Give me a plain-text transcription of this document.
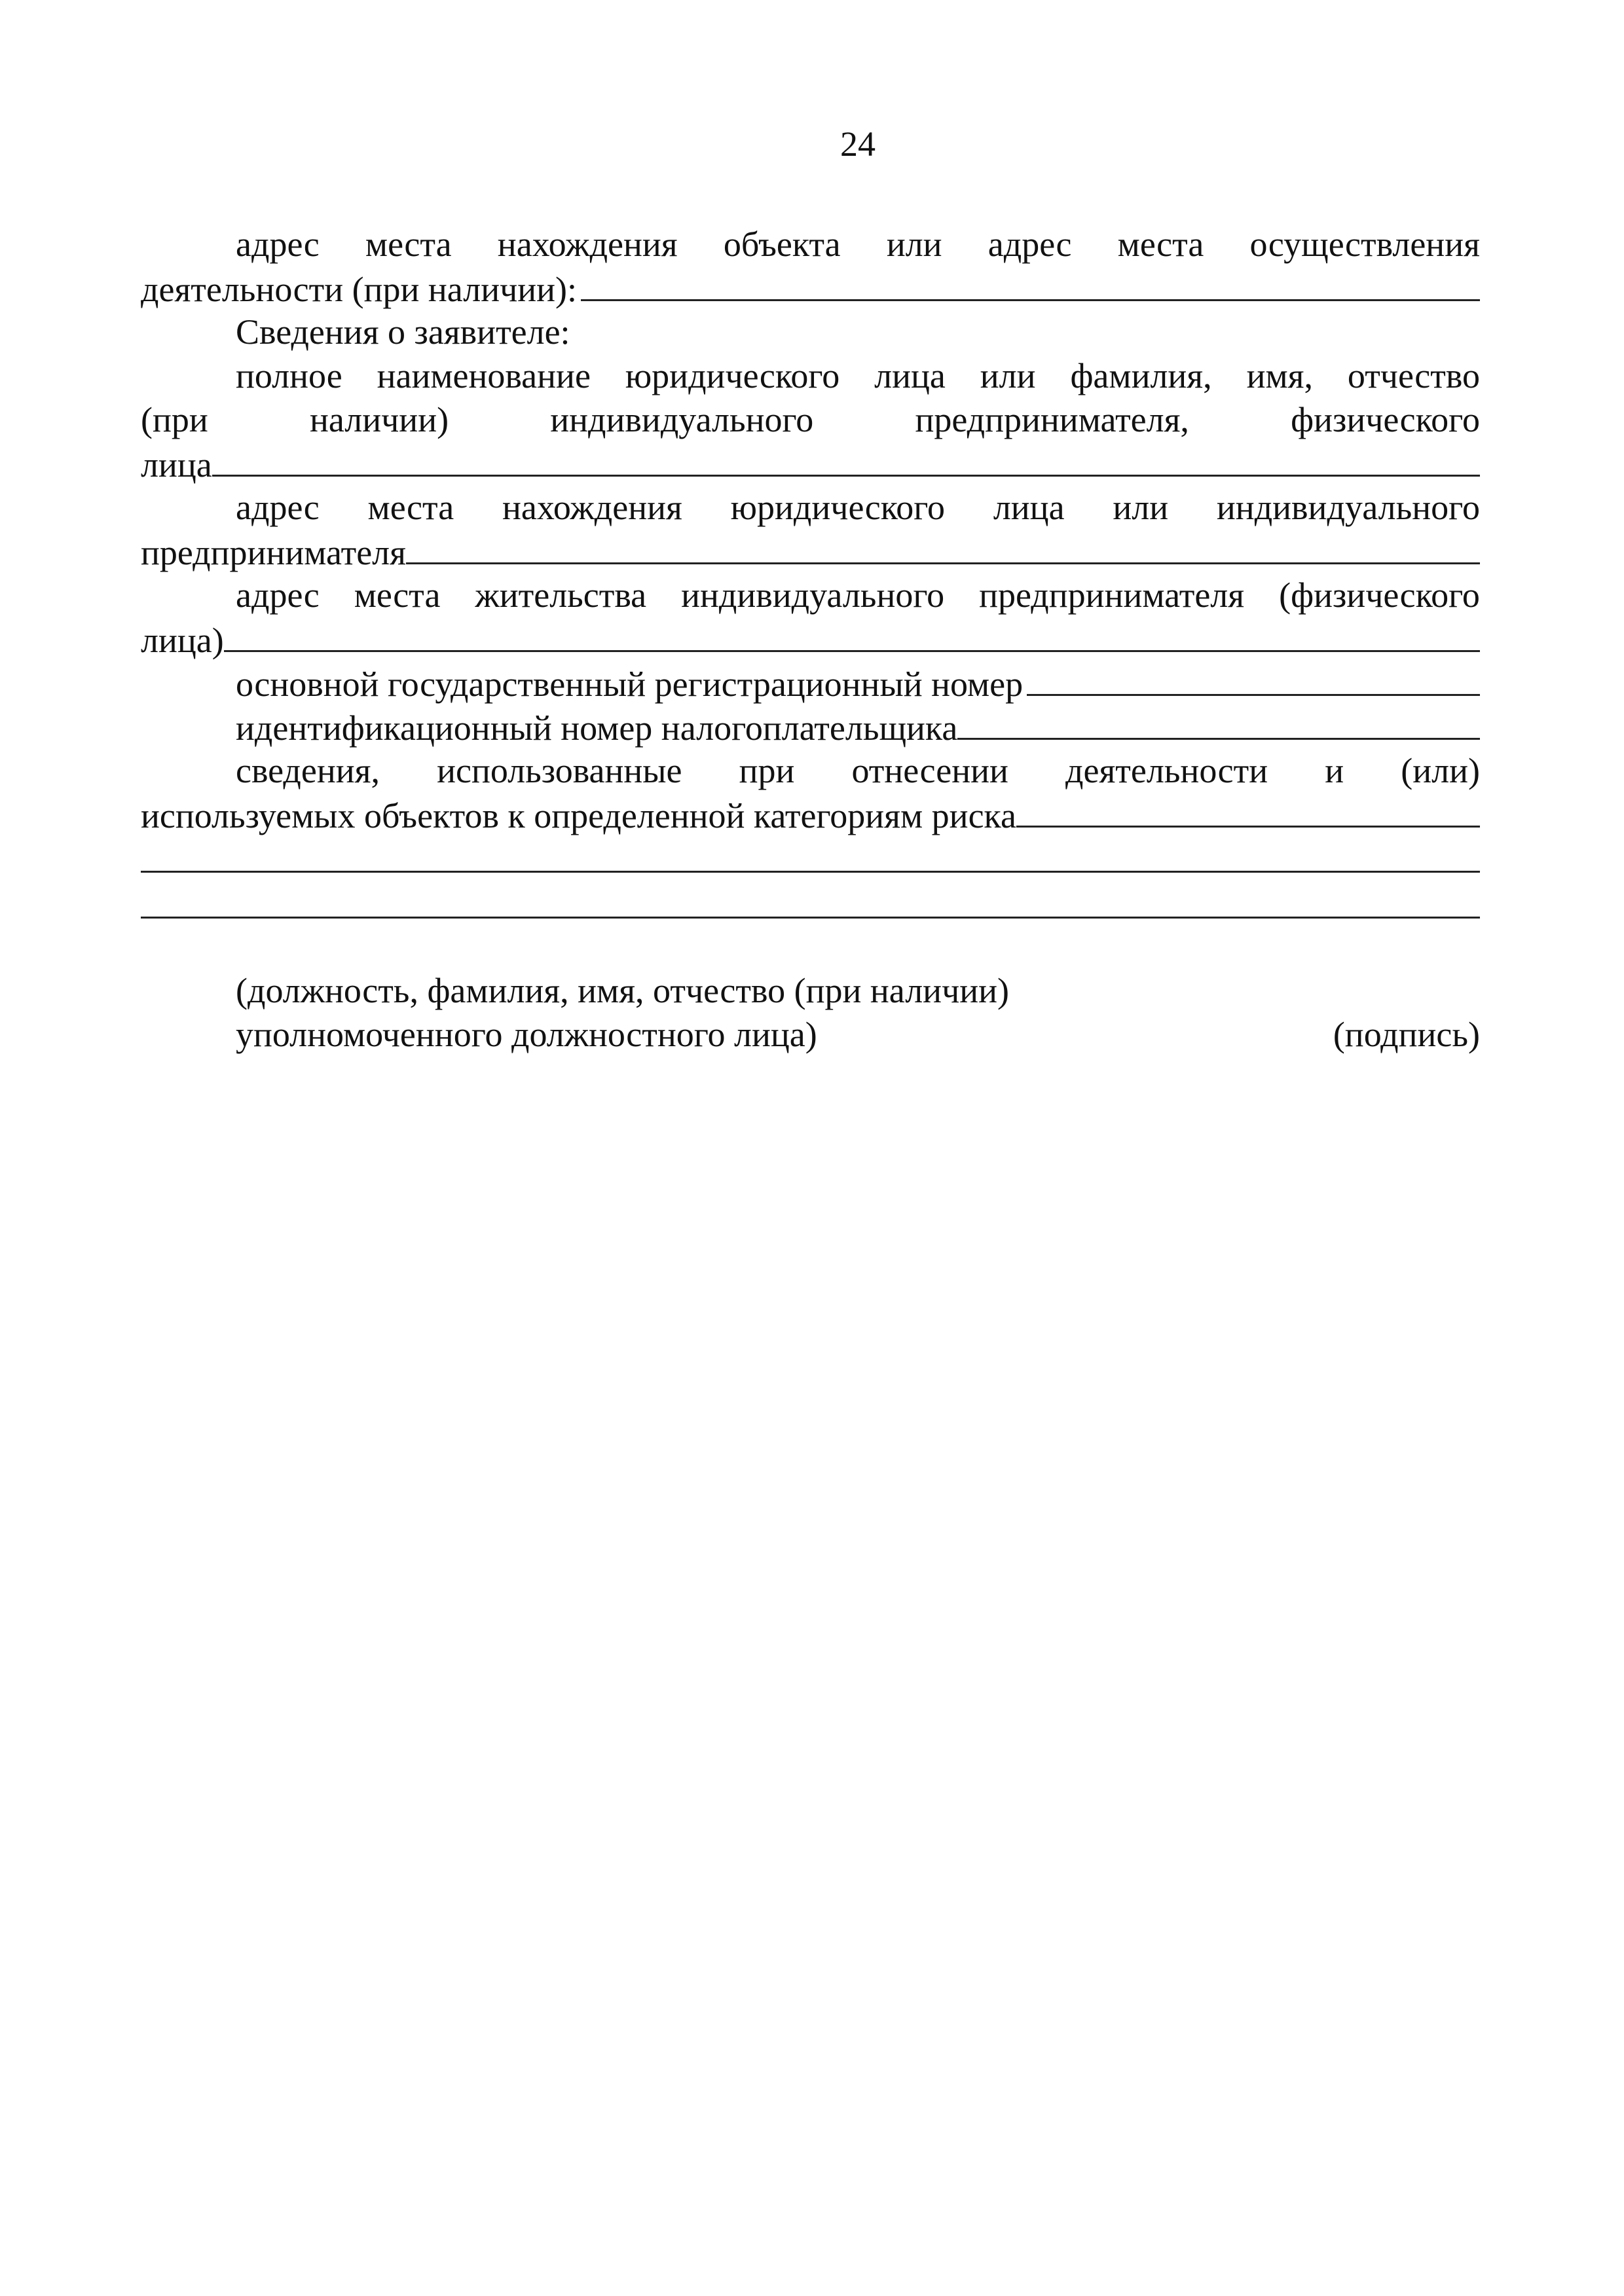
24
адрес места нахождения объекта или адрес места осуществления
деятельности (при наличии):
Сведения о заявителе:
полное наименование юридического лица или фамилия, имя, отчество
(при	наличии)	индивидуального	предпринимателя,	физического
лица
адрес места нахождения юридического лица или индивидуального
предпринимателя
адрес места жительства индивидуального предпринимателя (физического
лица)
основной государственный регистрационный номер
идентификационный номер налогоплательщика
сведения, использованные при отнесении деятельности и (или)
используемых объектов к определенной категориям риска
(должность, фамилия, имя, отчество (при наличии)
уполномоченного должностного лица)	(подпись)
